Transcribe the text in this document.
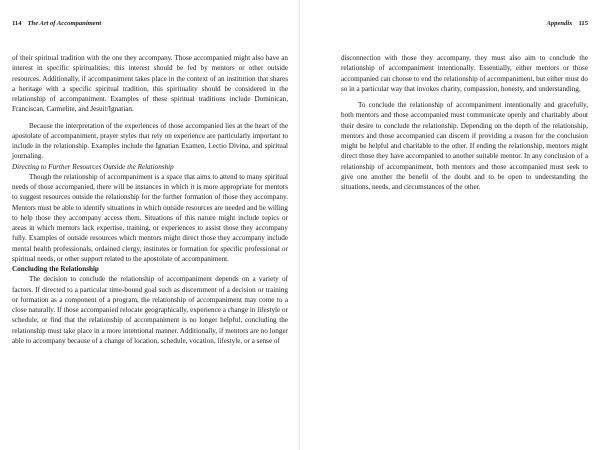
114 The Art of Accompaniment

of their spiritual tradition with the one they accompany. Those accompanied might also have an interest in specific spiritualities; this interest should be fed by mentors or other outside resources. Additionally, if accompaniment takes place in the context of an institution that shares a heritage with a specific spiritual tradition, this spirituality should be considered in the relationship of accompaniment. Examples of these spiritual traditions include Dominican, Franciscan, Carmelite, and Jesuit/Ignatian.

Because the interpretation of the experiences of those accompanied lies at the heart of the apostolate of accompaniment, prayer styles that rely on experience are particularly important to include in the relationship. Examples include the Ignatian Examen, Lectio Divina, and spiritual journaling.

Directing to Further Resources Outside the Relationship

Though the relationship of accompaniment is a space that aims to attend to many spiritual needs of those accompanied, there will be instances in which it is more appropriate for mentors to suggest resources outside the relationship for the further formation of those they accompany. Mentors must be able to identify situations in which outside resources are needed and be willing to help those they accompany access them. Situations of this nature might include topics or areas in which mentors lack expertise, training, or experiences to assist those they accompany fully. Examples of outside resources which mentors might direct those they accompany include mental health professionals, ordained clergy, institutes or formation for specific professional or spiritual needs, or other support related to the apostolate of accompaniment.

Concluding the Relationship

The decision to conclude the relationship of accompaniment depends on a variety of factors. If directed to a particular time-bound goal such as discernment of a decision or training or formation as a component of a program, the relationship of accompaniment may come to a close naturally. If those accompanied relocate geographically, experience a change in lifestyle or schedule, or find that the relationship of accompaniment is no longer helpful, concluding the relationship must take place in a more intentional manner. Additionally, if mentors are no longer able to accompany because of a change of location, schedule, vocation, lifestyle, or a sense of

Appendix 115

disconnection with those they accompany, they must also aim to conclude the relationship of accompaniment intentionally. Essentially, either mentors or those accompanied can choose to end the relationship of accompaniment, but either must do so in a particular way that invokes charity, compassion, honesty, and understanding.

To conclude the relationship of accompaniment intentionally and gracefully, both mentors and those accompanied must communicate openly and charitably about their desire to conclude the relationship. Depending on the depth of the relationship, mentors and those accompanied can discern if providing a reason for the conclusion might be helpful and charitable to the other. If ending the relationship, mentors might direct those they have accompanied to another suitable mentor. In any conclusion of a relationship of accompaniment, both mentors and those accompanied must seek to give one another the benefit of the doubt and to be open to understanding the situations, needs, and circumstances of the other.
